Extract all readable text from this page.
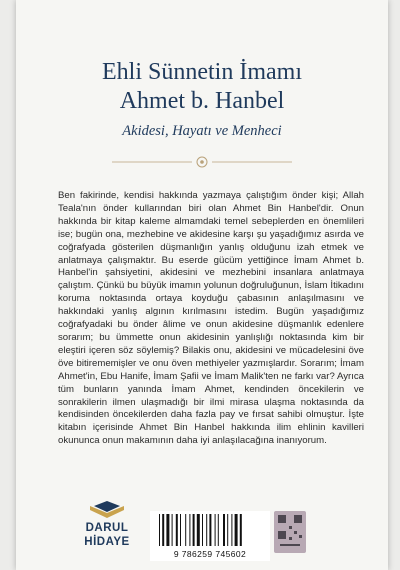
Ehli Sünnetin İmamı
Ahmet b. Hanbel
Akidesi, Hayatı ve Menheci

Ben fakirinde, kendisi hakkında yazmaya çalıştığım önder kişi; Allah Teala'nın önder kullarından biri olan Ahmet Bin Hanbel'dir. Onun hakkında bir kitap kaleme almamdaki temel sebeplerden en önemlileri ise; bugün ona, mezhebine ve akidesine karşı şu yaşadığımız asırda ve coğrafyada gösterilen düşmanlığın yanlış olduğunu izah etmek ve anlatmaya çalışmaktır. Bu eserde gücüm yettiğince İmam Ahmet b. Hanbel'in şahsiyetini, akidesini ve mezhebini insanlara anlatmaya çalıştım. Çünkü bu büyük imamın yolunun doğruluğunun, İslam İtikadını koruma noktasında ortaya koyduğu çabasının anlaşılmasını ve hakkındaki yanlış algının kırılmasını istedim. Bugün yaşadığımız coğrafyadaki bu önder âlime ve onun akidesine düşmanlık edenlere sorarım; bu ümmette onun akidesinin yanlışlığı noktasında kim bir eleştiri içeren söz söylemiş? Bilakis onu, akidesini ve mücadelesini öve öve bitirememişler ve onu öven methiyeler yazmışlardır. Sorarım; İmam Ahmet'in, Ebu Hanife, İmam Şafii ve İmam Malik'ten ne farkı var? Ayrıca tüm bunların yanında İmam Ahmet, kendinden öncekilerin ve sonrakilerin ilmen ulaşmadığı bir ilmi mirasa ulaşma noktasında da kendisinden öncekilerden daha fazla pay ve fırsat sahibi olmuştur. İşte kitabın içerisinde Ahmet Bin Hanbel hakkında ilim ehlinin kavilleri okununca onun makamının daha iyi anlaşılacağına inanıyorum.

DARUL
HİDAYE
9 786259 745602
